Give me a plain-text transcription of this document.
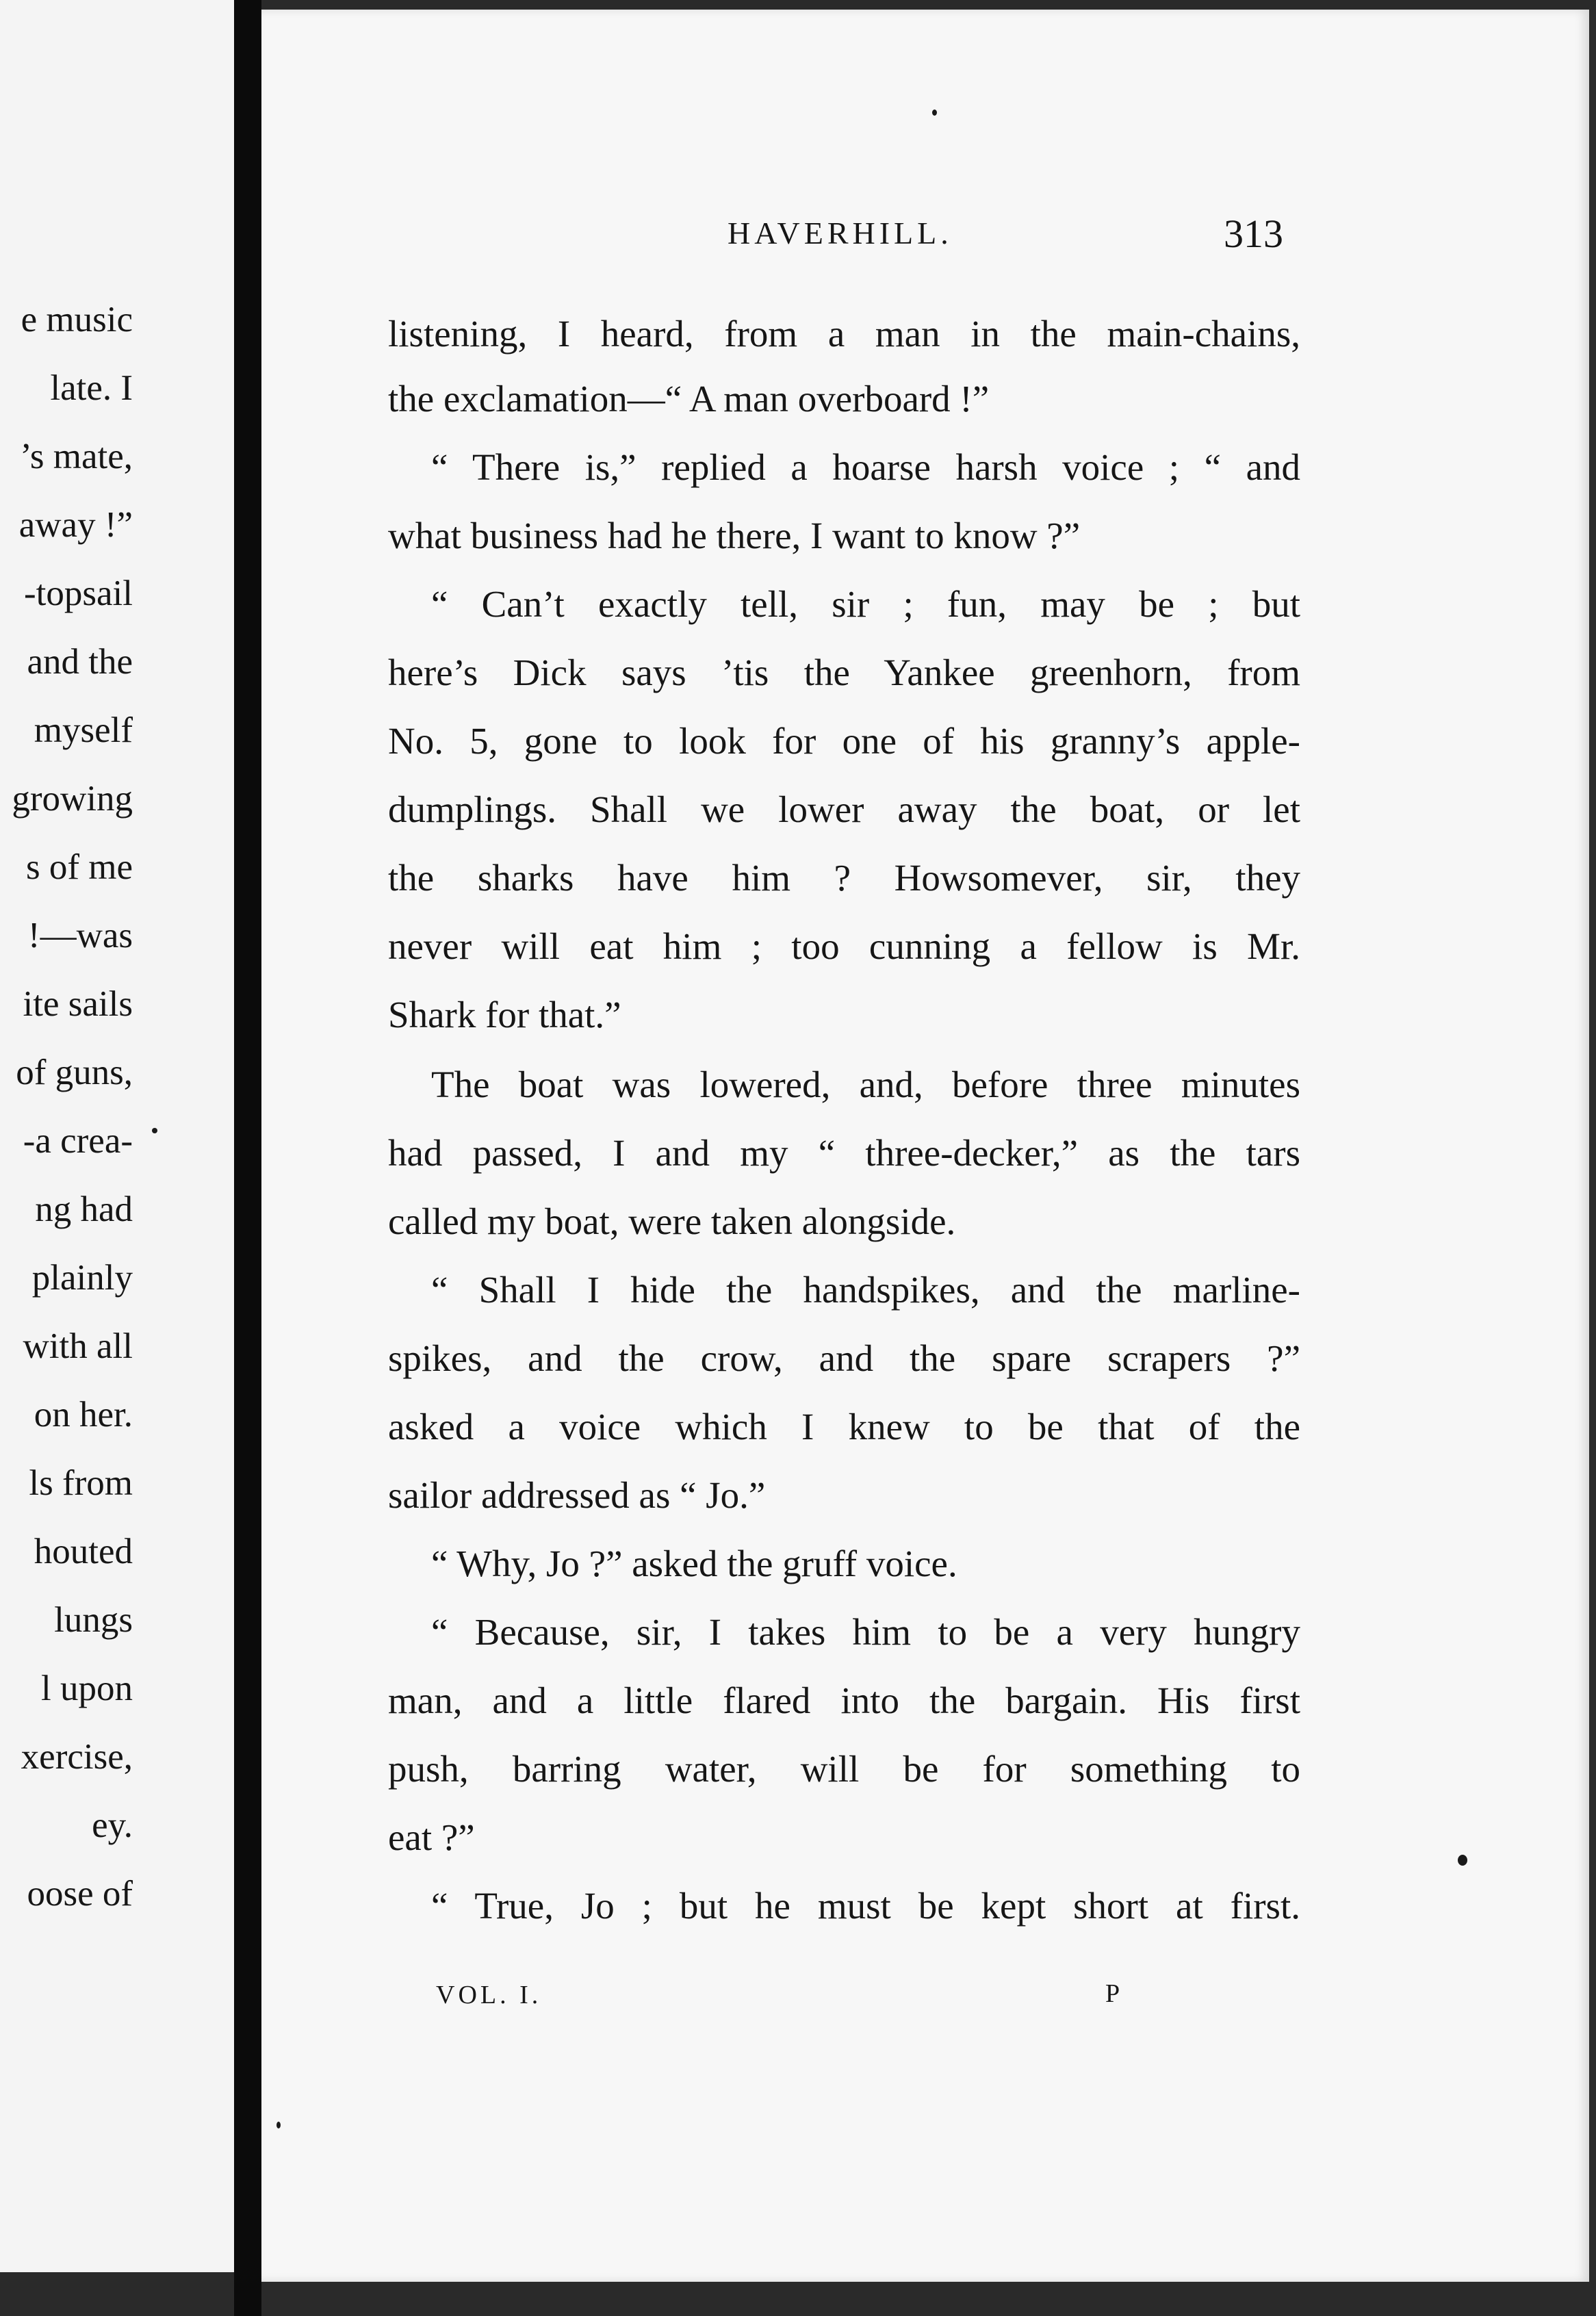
e music
late. I
’s mate,
away !”
-topsail
and the
myself
growing
s of me
!—was
ite sails
of guns,
-a crea-
ng had
plainly
with all
on her.
ls from
houted
lungs
l upon
xercise,
ey.
oose of
HAVERHILL.	313
listening, I heard, from a man in the main-chains,
the exclamation—“ A man overboard !”
“ There is,” replied a hoarse harsh voice ; “ and
what business had he there, I want to know ?”
“ Can’t exactly tell, sir ; fun, may be ; but
here’s Dick says ’tis the Yankee greenhorn, from
No. 5, gone to look for one of his granny’s apple-
dumplings. Shall we lower away the boat, or let
the sharks have him ? Howsomever, sir, they
never will eat him ; too cunning a fellow is Mr.
Shark for that.”
The boat was lowered, and, before three minutes
had passed, I and my “ three-decker,” as the tars
called my boat, were taken alongside.
“ Shall I hide the handspikes, and the marline-
spikes, and the crow, and the spare scrapers ?”
asked a voice which I knew to be that of the
sailor addressed as “ Jo.”
“ Why, Jo ?” asked the gruff voice.
“ Because, sir, I takes him to be a very hungry
man, and a little flared into the bargain. His first
push, barring water, will be for something to
eat ?”
“ True, Jo ; but he must be kept short at first.
VOL. I.	P
